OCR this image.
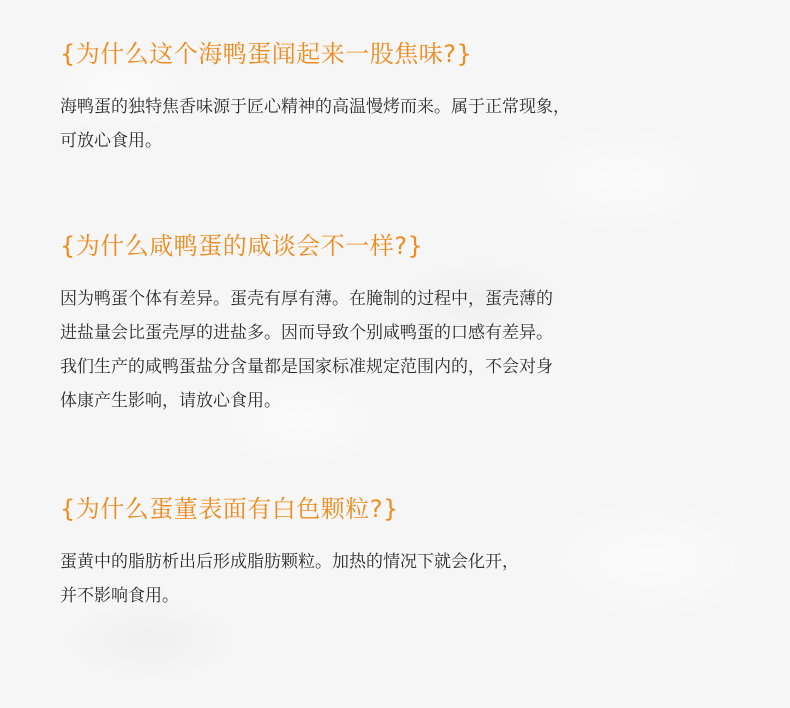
{为什么这个海鸭蛋闻起来一股焦味?}

海鸭蛋的独特焦香味源于匠心精神的高温慢烤而来。属于正常现象，
可放心食用。

{为什么咸鸭蛋的咸谈会不一样?}

因为鸭蛋个体有差异。蛋壳有厚有薄。在腌制的过程中，蛋壳薄的
进盐量会比蛋壳厚的进盐多。因而导致个别咸鸭蛋的口感有差异。
我们生产的咸鸭蛋盐分含量都是国家标准规定范围内的，不会对身
体康产生影响，请放心食用。

{为什么蛋董表面有白色颗粒?}

蛋黄中的脂肪析出后形成脂肪颗粒。加热的情况下就会化开，
并不影响食用。
